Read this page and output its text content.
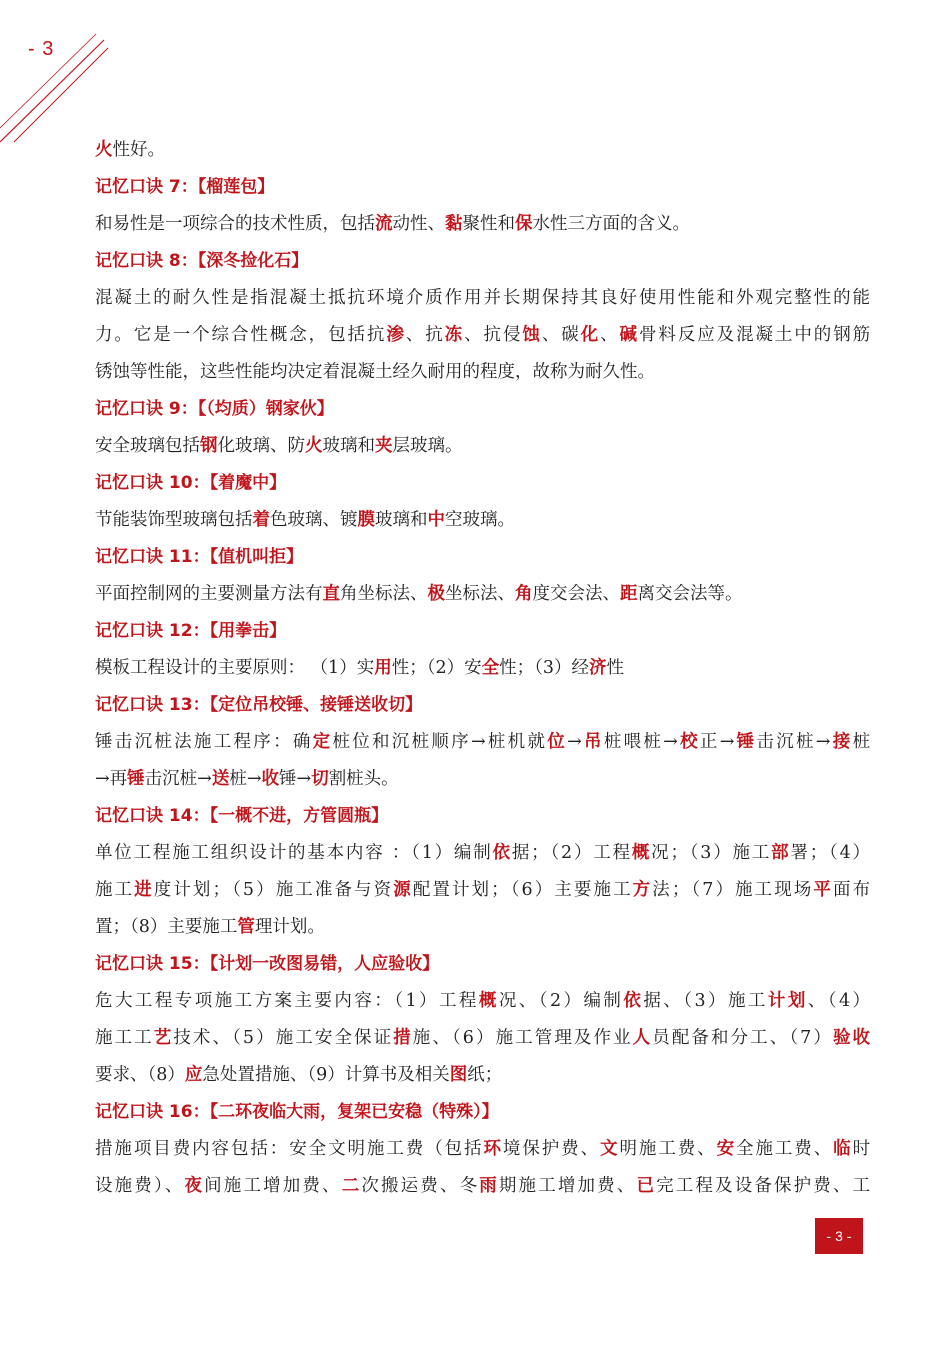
- 3
火性好。
记忆口诀 7：【榴莲包】
和易性是一项综合的技术性质，包括流动性、黏聚性和保水性三方面的含义。
记忆口诀 8：【深冬捡化石】
混凝土的耐久性是指混凝土抵抗环境介质作用并长期保持其良好使用性能和外观完整性的能
力。它是一个综合性概念，包括抗渗、抗冻、抗侵蚀、碳化、碱骨料反应及混凝土中的钢筋
锈蚀等性能，这些性能均决定着混凝土经久耐用的程度，故称为耐久性。
记忆口诀 9：【（均质）钢家伙】
安全玻璃包括钢化玻璃、防火玻璃和夹层玻璃。
记忆口诀 10：【着魔中】
节能装饰型玻璃包括着色玻璃、镀膜玻璃和中空玻璃。
记忆口诀 11：【值机叫拒】
平面控制网的主要测量方法有直角坐标法、极坐标法、角度交会法、距离交会法等。
记忆口诀 12：【用拳击】
模板工程设计的主要原则： （1）实用性；（2）安全性；（3）经济性
记忆口诀 13：【定位吊校锤、接锤送收切】
锤击沉桩法施工程序：确定桩位和沉桩顺序→桩机就位→吊桩喂桩→校正→锤击沉桩→接桩
→再锤击沉桩→送桩→收锤→切割桩头。
记忆口诀 14：【一概不进，方管圆瓶】
单位工程施工组织设计的基本内容 ：（1）编制依据；（2）工程概况；（3）施工部署；（4）
施工进度计划；（5）施工准备与资源配置计划；（6）主要施工方法；（7）施工现场平面布
置；（8）主要施工管理计划。
记忆口诀 15：【计划一改图易错，人应验收】
危大工程专项施工方案主要内容：（1）工程概况、（2）编制依据、（3）施工计划、（4）
施工工艺技术、（5）施工安全保证措施、（6）施工管理及作业人员配备和分工、（7）验收
要求、（8）应急处置措施、（9）计算书及相关图纸；
记忆口诀 16：【二环夜临大雨，复架已安稳（特殊）】
措施项目费内容包括：安全文明施工费（包括环境保护费、文明施工费、安全施工费、临时
设施费）、夜间施工增加费、二次搬运费、冬雨期施工增加费、已完工程及设备保护费、工
- 3 -
